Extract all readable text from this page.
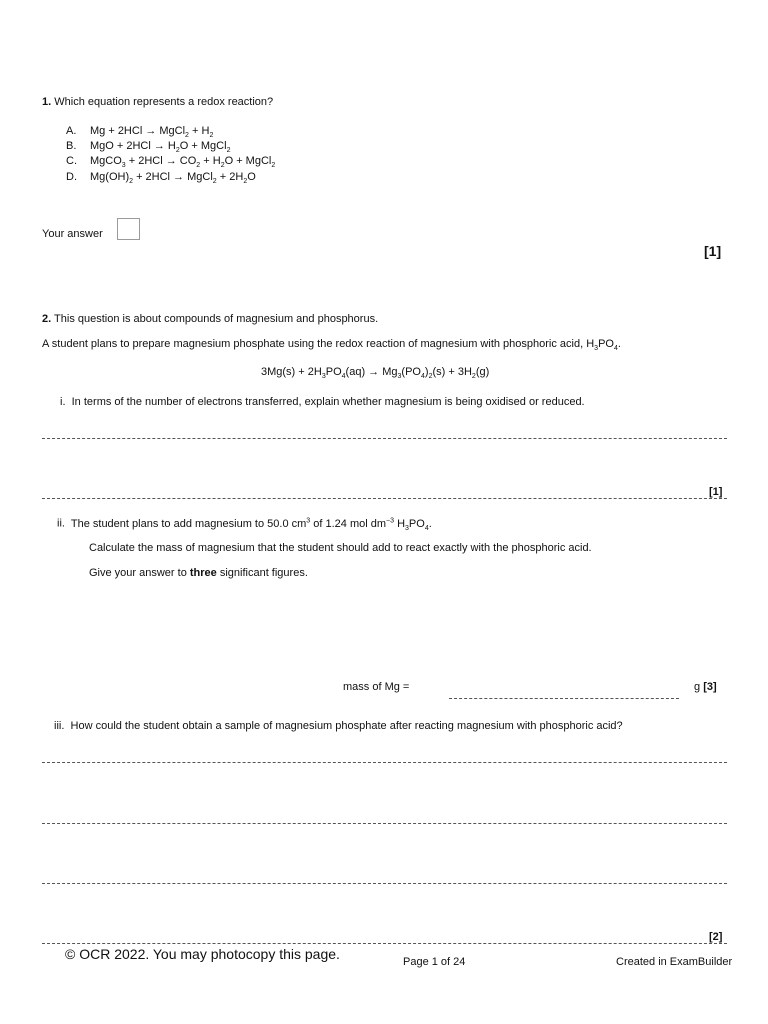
1. Which equation represents a redox reaction?
A. Mg + 2HCl → MgCl$_2$ + $H_2$
B. MgO + $2HCl \to H_2O$ + MgCl$_2$
C. MgCO$_3$ + $2HCl \to CO_2 + H_2O$ + MgCl$_2$
D. $Mg(OH)_2 + 2HCl$ → MgCl$_2$ + $2H_2O$
Your answer
[1]
2. This question is about compounds of magnesium and phosphorus.
A student plans to prepare magnesium phosphate using the redox reaction of magnesium with phosphoric acid, $H_3PO_4$.
$3Mg(s) + 2H_3PO_4(aq) \to Mg_3(PO_4)_2(s) + 3H_2(g)$
i. In terms of the number of electrons transferred, explain whether magnesium is being oxidised or reduced.
[1]
ii. The student plans to add magnesium to 50.0 $cm^3$ of 1.24 mol $dm^{-3}$ $H_3PO_4$.
Calculate the mass of magnesium that the student should add to react exactly with the phosphoric acid.
Give your answer to three significant figures.
mass of Mg =	g [3]
iii. How could the student obtain a sample of magnesium phosphate after reacting magnesium with phosphoric acid?
[2]
© OCR 2022. You may photocopy this page.	Page 1 of 24	Created in ExamBuilder
